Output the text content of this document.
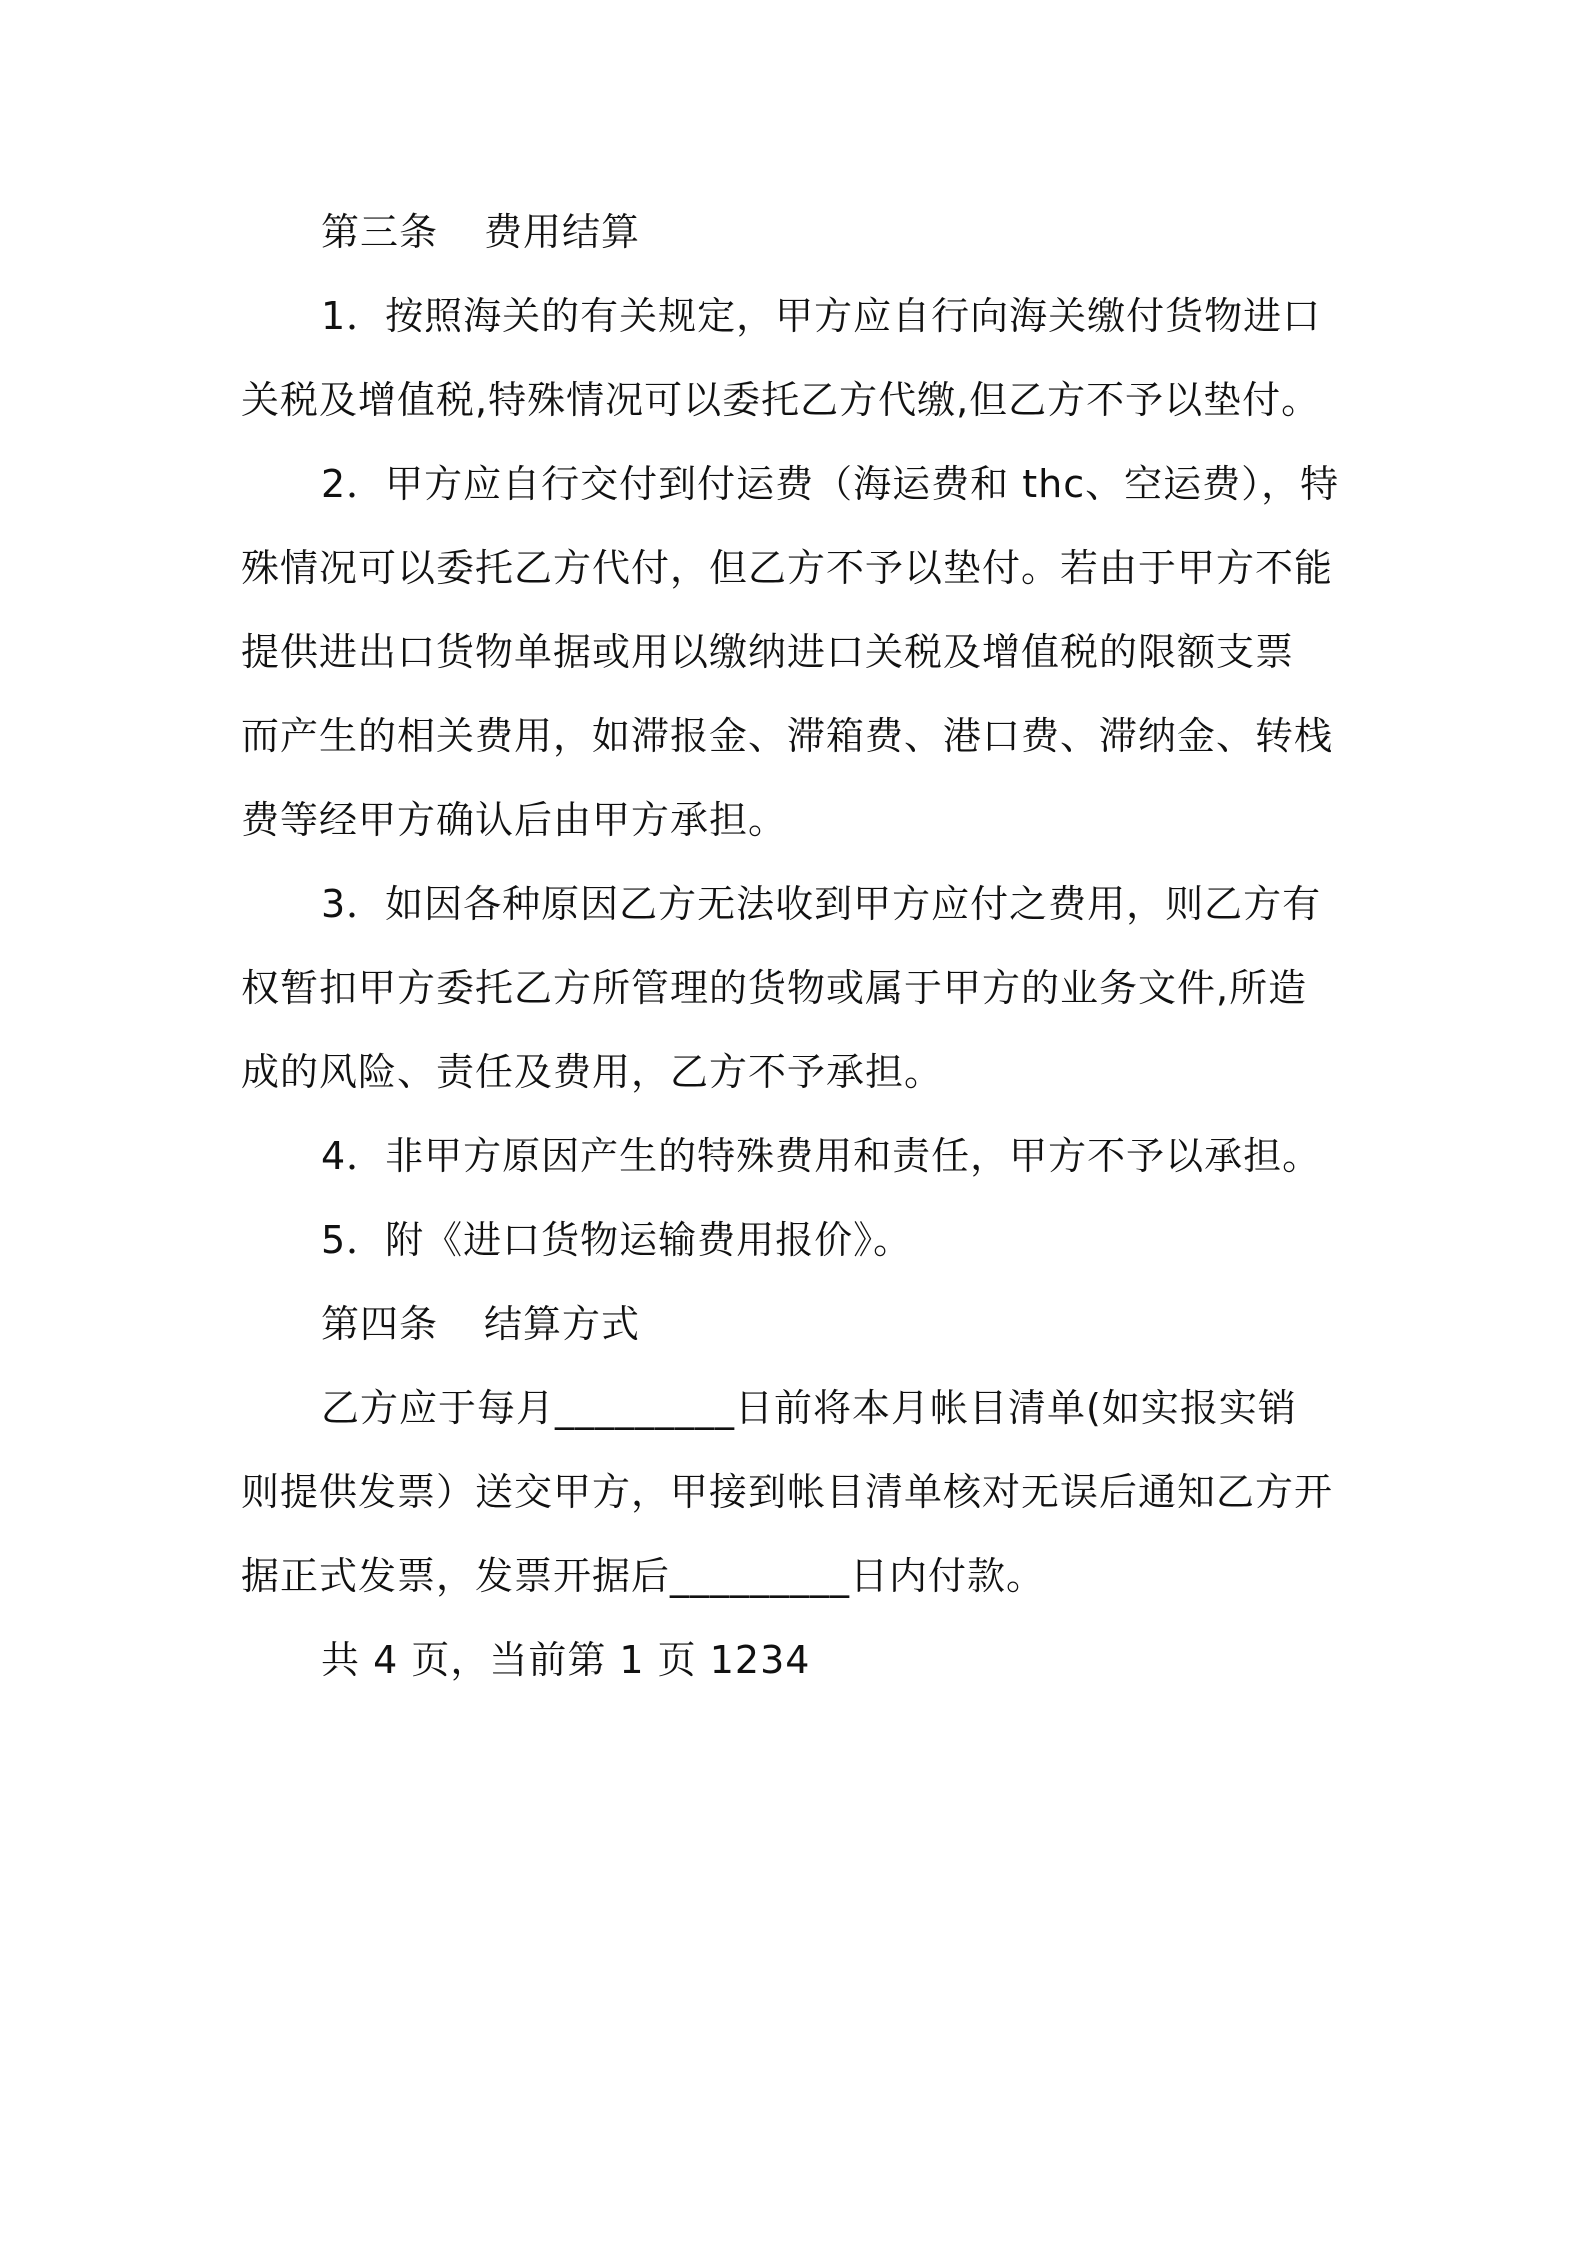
第三条 费用结算
1．按照海关的有关规定，甲方应自行向海关缴付货物进口
关税及增值税,特殊情况可以委托乙方代缴,但乙方不予以垫付。
2．甲方应自行交付到付运费（海运费和 thc、空运费），特
殊情况可以委托乙方代付，但乙方不予以垫付。若由于甲方不能
提供进出口货物单据或用以缴纳进口关税及增值税的限额支票
而产生的相关费用，如滞报金、滞箱费、港口费、滞纳金、转栈
费等经甲方确认后由甲方承担。
3．如因各种原因乙方无法收到甲方应付之费用，则乙方有
权暂扣甲方委托乙方所管理的货物或属于甲方的业务文件,所造
成的风险、责任及费用，乙方不予承担。
4．非甲方原因产生的特殊费用和责任，甲方不予以承担。
5．附《进口货物运输费用报价》。
第四条 结算方式
乙方应于每月_________日前将本月帐目清单(如实报实销
则提供发票）送交甲方，甲接到帐目清单核对无误后通知乙方开
据正式发票，发票开据后_________日内付款。
共 4 页，当前第 1 页 1234
